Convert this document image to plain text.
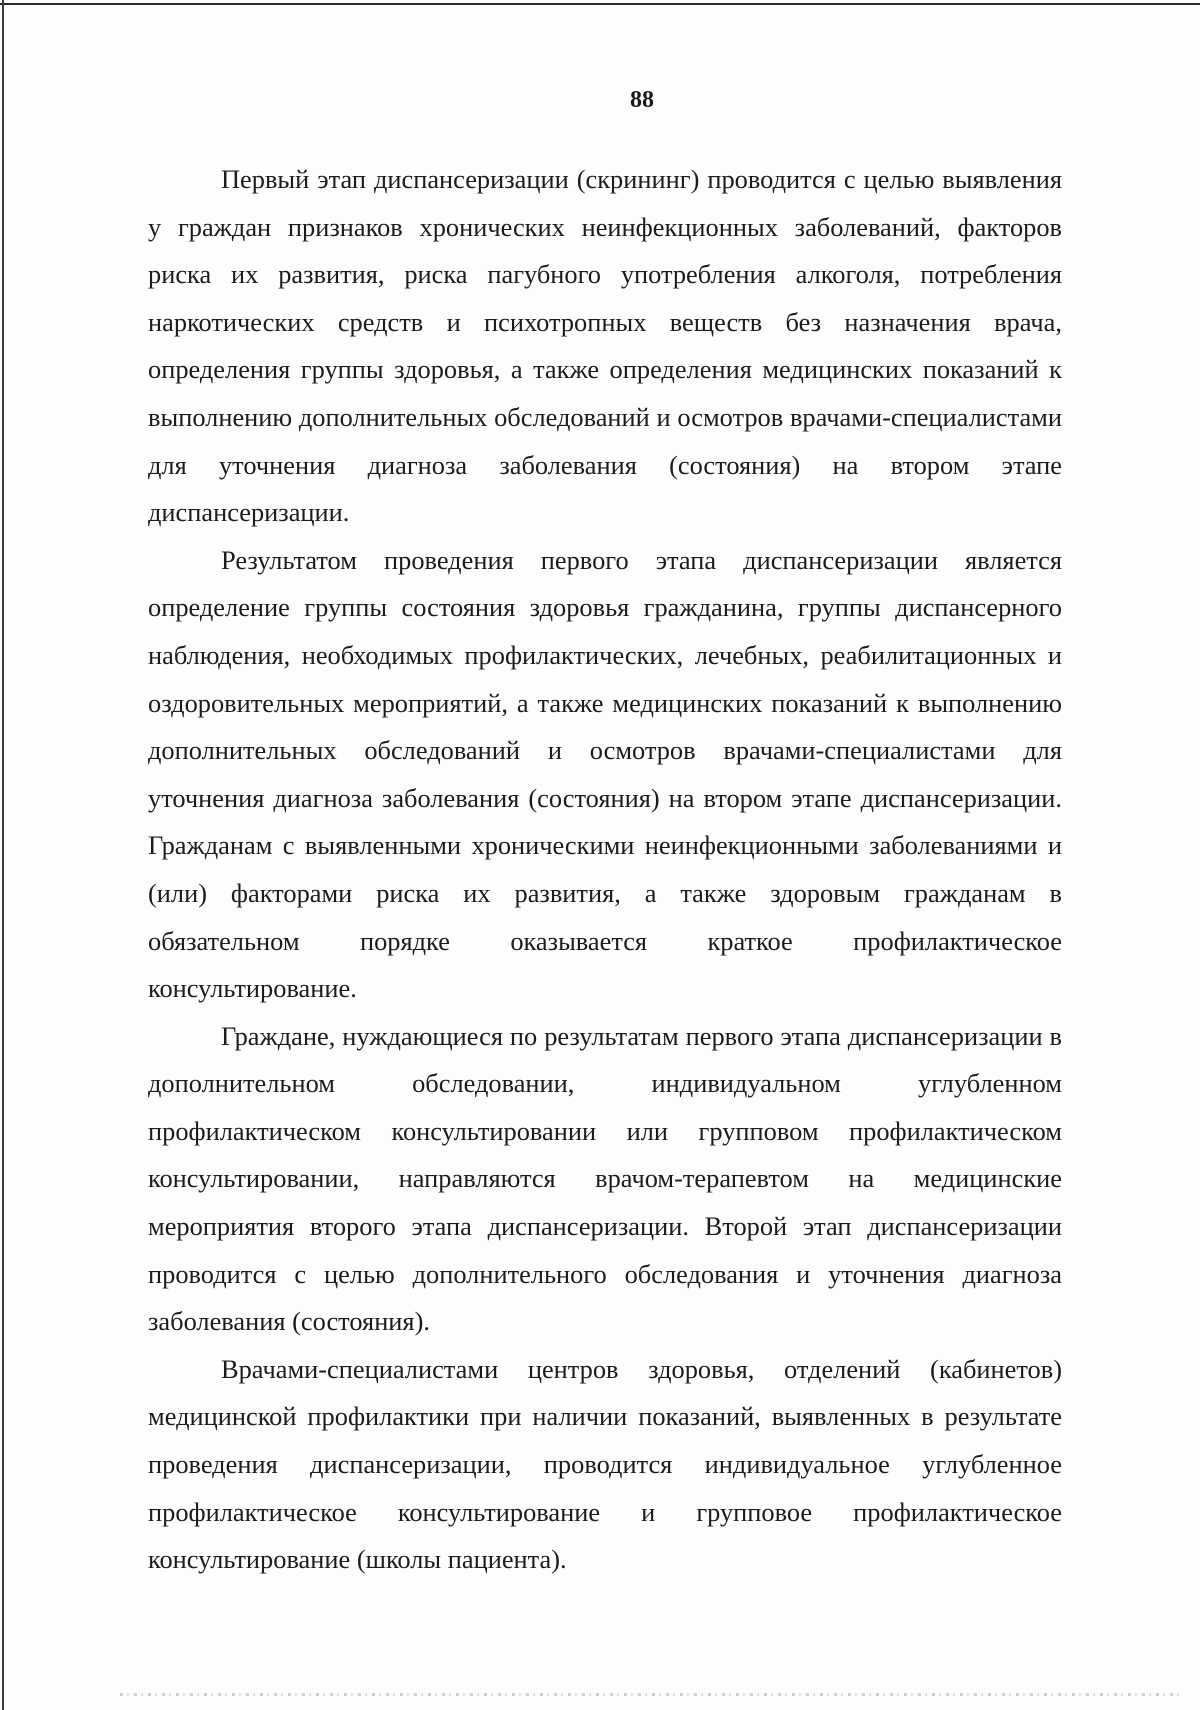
88

Первый этап диспансеризации (скрининг) проводится с целью выявления у граждан признаков хронических неинфекционных заболеваний, факторов риска их развития, риска пагубного употребления алкоголя, потребления наркотических средств и психотропных веществ без назначения врача, определения группы здоровья, а также определения медицинских показаний к выполнению дополнительных обследований и осмотров врачами-специалистами для уточнения диагноза заболевания (состояния) на втором этапе диспансеризации.

Результатом проведения первого этапа диспансеризации является определение группы состояния здоровья гражданина, группы диспансерного наблюдения, необходимых профилактических, лечебных, реабилитационных и оздоровительных мероприятий, а также медицинских показаний к выполнению дополнительных обследований и осмотров врачами-специалистами для уточнения диагноза заболевания (состояния) на втором этапе диспансеризации. Гражданам с выявленными хроническими неинфекционными заболеваниями и (или) факторами риска их развития, а также здоровым гражданам в обязательном порядке оказывается краткое профилактическое консультирование.

Граждане, нуждающиеся по результатам первого этапа диспансеризации в дополнительном обследовании, индивидуальном углубленном профилактическом консультировании или групповом профилактическом консультировании, направляются врачом-терапевтом на медицинские мероприятия второго этапа диспансеризации. Второй этап диспансеризации проводится с целью дополнительного обследования и уточнения диагноза заболевания (состояния).

Врачами-специалистами центров здоровья, отделений (кабинетов) медицинской профилактики при наличии показаний, выявленных в результате проведения диспансеризации, проводится индивидуальное углубленное профилактическое консультирование и групповое профилактическое консультирование (школы пациента).
